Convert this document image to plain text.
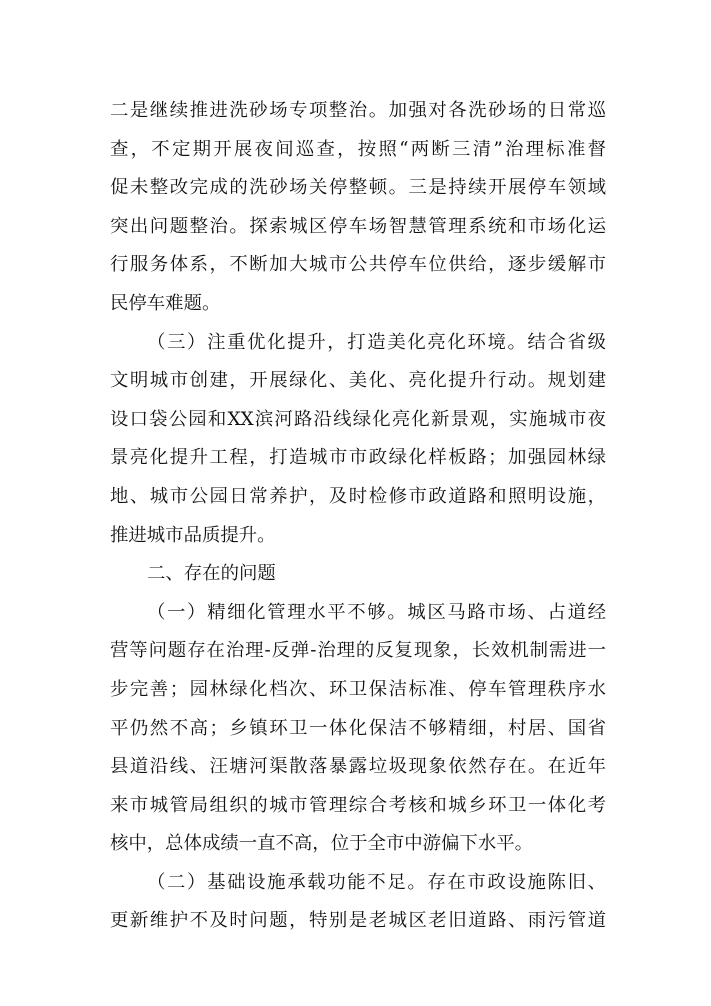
二是继续推进洗砂场专项整治。加强对各洗砂场的日常巡
查，不定期开展夜间巡查，按照“两断三清”治理标准督
促未整改完成的洗砂场关停整顿。三是持续开展停车领域
突出问题整治。探索城区停车场智慧管理系统和市场化运
行服务体系，不断加大城市公共停车位供给，逐步缓解市
民停车难题。
（三）注重优化提升，打造美化亮化环境。结合省级
文明城市创建，开展绿化、美化、亮化提升行动。规划建
设口袋公园和XX滨河路沿线绿化亮化新景观，实施城市夜
景亮化提升工程，打造城市市政绿化样板路；加强园林绿
地、城市公园日常养护，及时检修市政道路和照明设施，
推进城市品质提升。
二、存在的问题
（一）精细化管理水平不够。城区马路市场、占道经
营等问题存在治理-反弹-治理的反复现象，长效机制需进一
步完善；园林绿化档次、环卫保洁标准、停车管理秩序水
平仍然不高；乡镇环卫一体化保洁不够精细，村居、国省
县道沿线、汪塘河渠散落暴露垃圾现象依然存在。在近年
来市城管局组织的城市管理综合考核和城乡环卫一体化考
核中，总体成绩一直不高，位于全市中游偏下水平。
（二）基础设施承载功能不足。存在市政设施陈旧、
更新维护不及时问题，特别是老城区老旧道路、雨污管道
